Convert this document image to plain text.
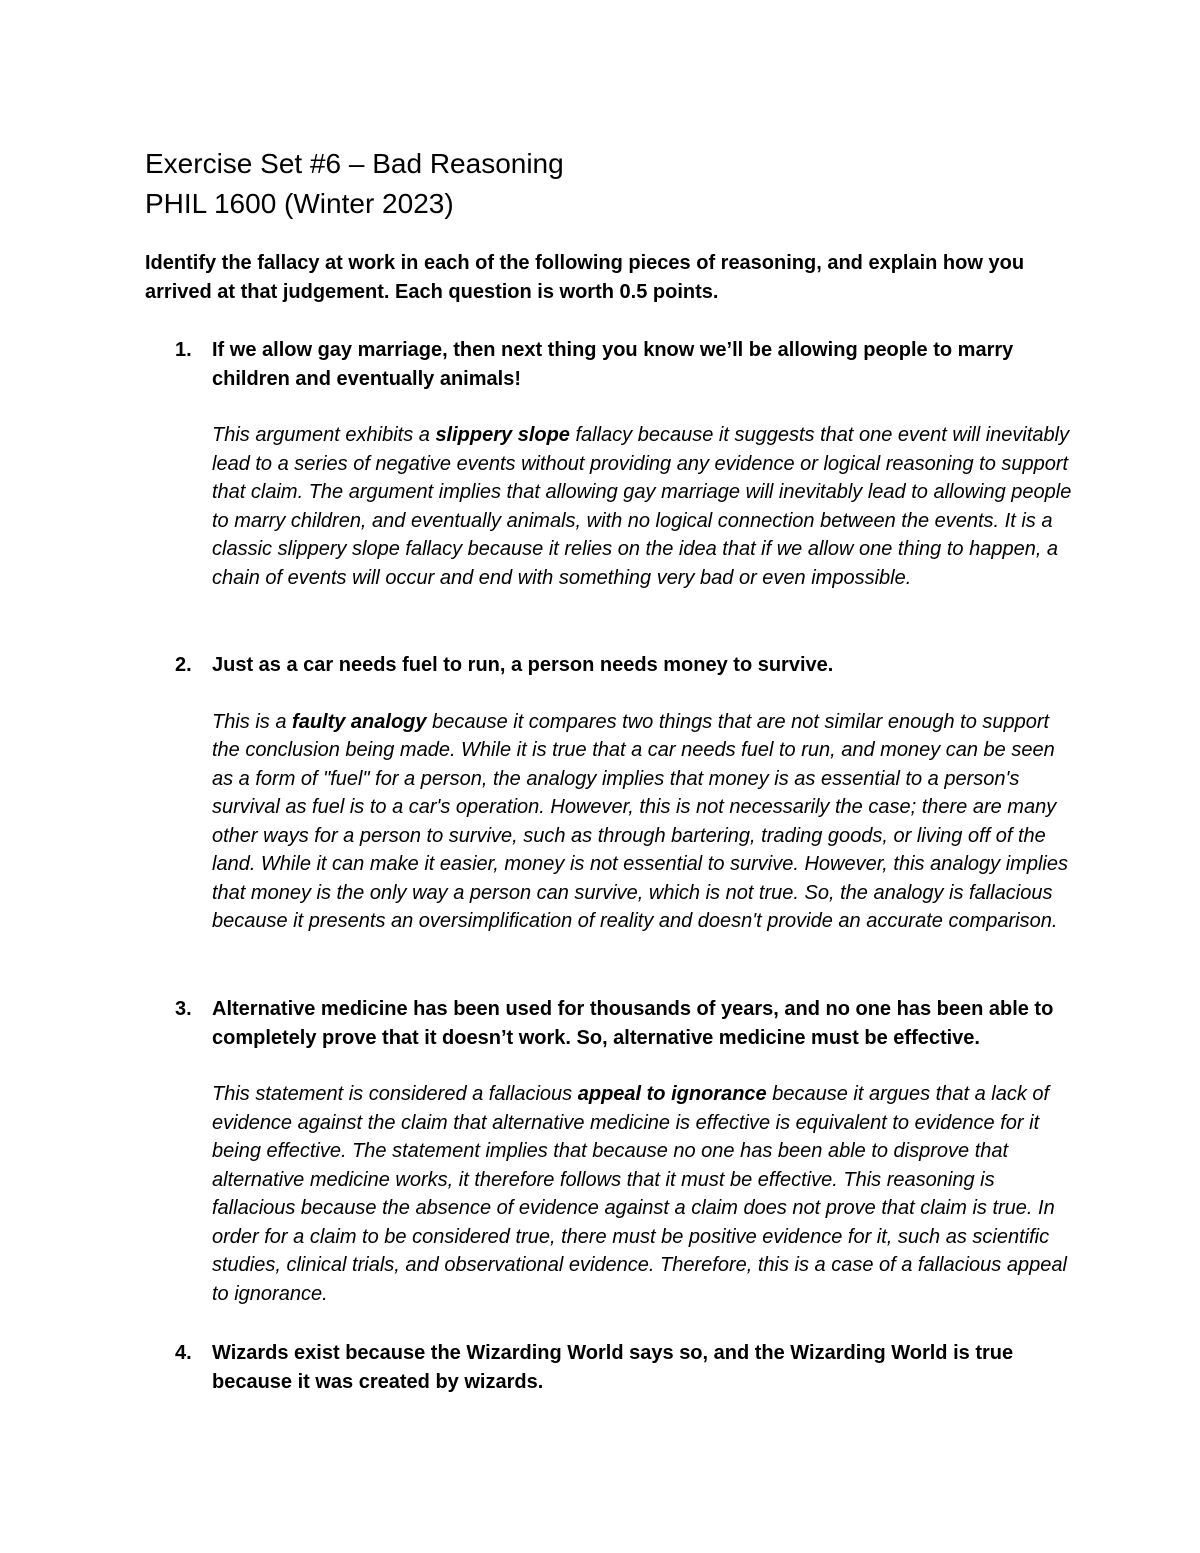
Exercise Set #6 – Bad Reasoning
PHIL 1600 (Winter 2023)

Identify the fallacy at work in each of the following pieces of reasoning, and explain how you arrived at that judgement. Each question is worth 0.5 points.

1. If we allow gay marriage, then next thing you know we’ll be allowing people to marry children and eventually animals!

This argument exhibits a slippery slope fallacy because it suggests that one event will inevitably lead to a series of negative events without providing any evidence or logical reasoning to support that claim. The argument implies that allowing gay marriage will inevitably lead to allowing people to marry children, and eventually animals, with no logical connection between the events. It is a classic slippery slope fallacy because it relies on the idea that if we allow one thing to happen, a chain of events will occur and end with something very bad or even impossible.

2. Just as a car needs fuel to run, a person needs money to survive.

This is a faulty analogy because it compares two things that are not similar enough to support the conclusion being made. While it is true that a car needs fuel to run, and money can be seen as a form of "fuel" for a person, the analogy implies that money is as essential to a person's survival as fuel is to a car's operation. However, this is not necessarily the case; there are many other ways for a person to survive, such as through bartering, trading goods, or living off of the land. While it can make it easier, money is not essential to survive. However, this analogy implies that money is the only way a person can survive, which is not true. So, the analogy is fallacious because it presents an oversimplification of reality and doesn't provide an accurate comparison.

3. Alternative medicine has been used for thousands of years, and no one has been able to completely prove that it doesn’t work. So, alternative medicine must be effective.

This statement is considered a fallacious appeal to ignorance because it argues that a lack of evidence against the claim that alternative medicine is effective is equivalent to evidence for it being effective. The statement implies that because no one has been able to disprove that alternative medicine works, it therefore follows that it must be effective. This reasoning is fallacious because the absence of evidence against a claim does not prove that claim is true. In order for a claim to be considered true, there must be positive evidence for it, such as scientific studies, clinical trials, and observational evidence. Therefore, this is a case of a fallacious appeal to ignorance.

4. Wizards exist because the Wizarding World says so, and the Wizarding World is true because it was created by wizards.
